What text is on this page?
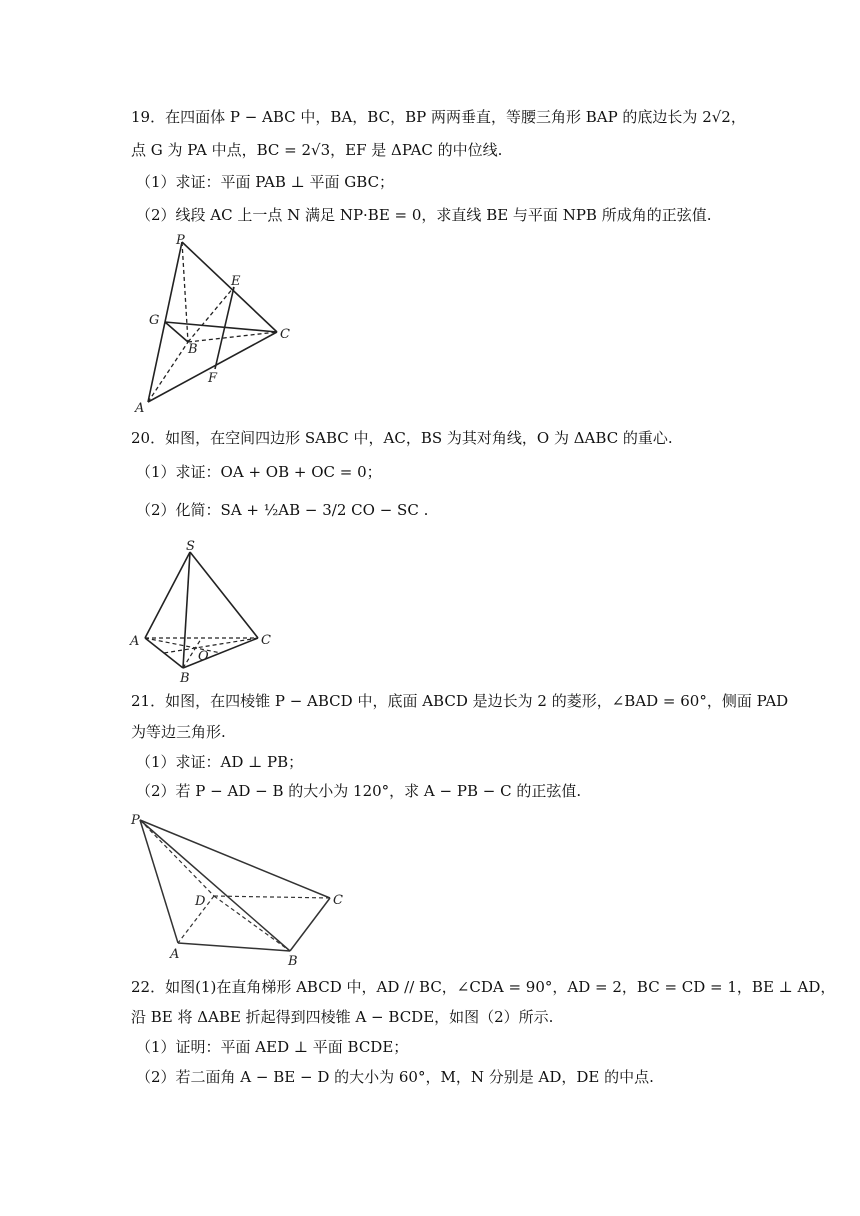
19．在四面体 P − ABC 中，BA，BC，BP 两两垂直，等腰三角形 BAP 的底边长为 2√2，
点 G 为 PA 中点，BC = 2√3，EF 是 ΔPAC 的中位线.
（1）求证：平面 PAB ⊥ 平面 GBC；
（2）线段 AC 上一点 N 满足 NP·BE = 0，求直线 BE 与平面 NPB 所成角的正弦值.
P
E
G
B
C
F
A
20．如图，在空间四边形 SABC 中，AC，BS 为其对角线，O 为 ΔABC 的重心.
（1）求证：OA + OB + OC = 0；
（2）化简：SA + ½AB − 3/2 CO − SC .
S
A	C
O
B
21．如图，在四棱锥 P − ABCD 中，底面 ABCD 是边长为 2 的菱形，∠BAD = 60°，侧面 PAD
为等边三角形.
（1）求证：AD ⊥ PB；
（2）若 P − AD − B 的大小为 120°，求 A − PB − C 的正弦值.
P
D	C
A	B
22．如图(1)在直角梯形 ABCD 中，AD // BC，∠CDA = 90°，AD = 2，BC = CD = 1，BE ⊥ AD，
沿 BE 将 ΔABE 折起得到四棱锥 A − BCDE，如图（2）所示.
（1）证明：平面 AED ⊥ 平面 BCDE；
（2）若二面角 A − BE − D 的大小为 60°，M，N 分别是 AD，DE 的中点.
